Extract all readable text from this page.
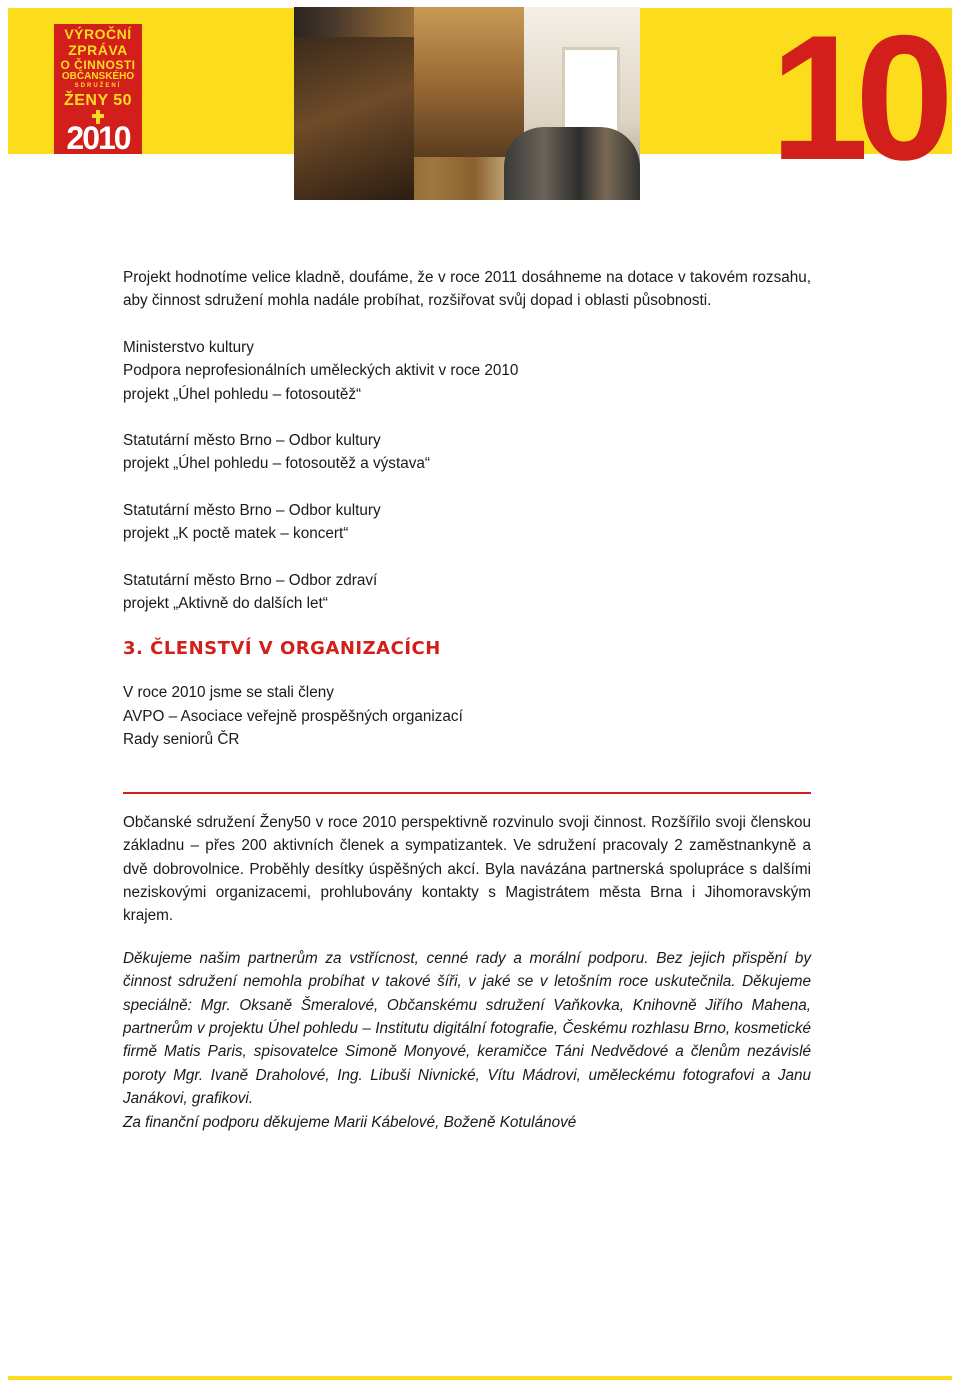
VÝROČNÍ
ZPRÁVA
O ČINNOSTI
OBČANSKÉHO
SDRUŽENÍ
ŽENY 50
2010	10

Projekt hodnotíme velice kladně, doufáme, že v roce 2011 dosáhneme na dotace v takovém rozsahu, aby činnost sdružení mohla nadále probíhat, rozšiřovat svůj dopad i oblasti působnosti.

Ministerstvo kultury

Podpora neprofesionálních uměleckých aktivit v roce 2010

projekt „Úhel pohledu – fotosoutěž“

Statutární město Brno – Odbor kultury

projekt „Úhel pohledu – fotosoutěž a výstava“

Statutární město Brno – Odbor kultury

projekt „K poctě matek – koncert“

Statutární město Brno – Odbor zdraví

projekt „Aktivně do dalších let“

3. ČLENSTVÍ V ORGANIZACÍCH

V roce 2010 jsme se stali členy

AVPO – Asociace veřejně prospěšných organizací

Rady seniorů ČR

Občanské sdružení Ženy50 v roce 2010 perspektivně rozvinulo svoji činnost. Rozšířilo svoji členskou základnu – přes 200 aktivních členek a sympatizantek. Ve sdružení pracovaly 2 zaměstnankyně a dvě dobrovolnice. Proběhly desítky úspěšných akcí. Byla navázána partnerská spolupráce s dalšími neziskovými organizacemi, prohlubovány kontakty s Magistrátem města Brna i Jihomoravským krajem.

Děkujeme našim partnerům za vstřícnost, cenné rady a morální podporu. Bez jejich přispění by činnost sdružení nemohla probíhat v takové šíři, v jaké se v letošním roce uskutečnila. Děkujeme speciálně: Mgr. Oksaně Šmeralové, Občanskému sdružení Vaňkovka, Knihovně Jiřího Mahena, partnerům v projektu Úhel pohledu – Institutu digitální fotografie, Českému rozhlasu Brno, kosmetické firmě Matis Paris, spisovatelce Simoně Monyové, keramičce Táni Nedvědové a členům nezávislé poroty Mgr. Ivaně Draholové, Ing. Libuši Nivnické, Vítu Mádrovi, uměleckému fotografovi a Janu Janákovi, grafikovi.

Za finanční podporu děkujeme Marii Kábelové, Boženě Kotulánové
